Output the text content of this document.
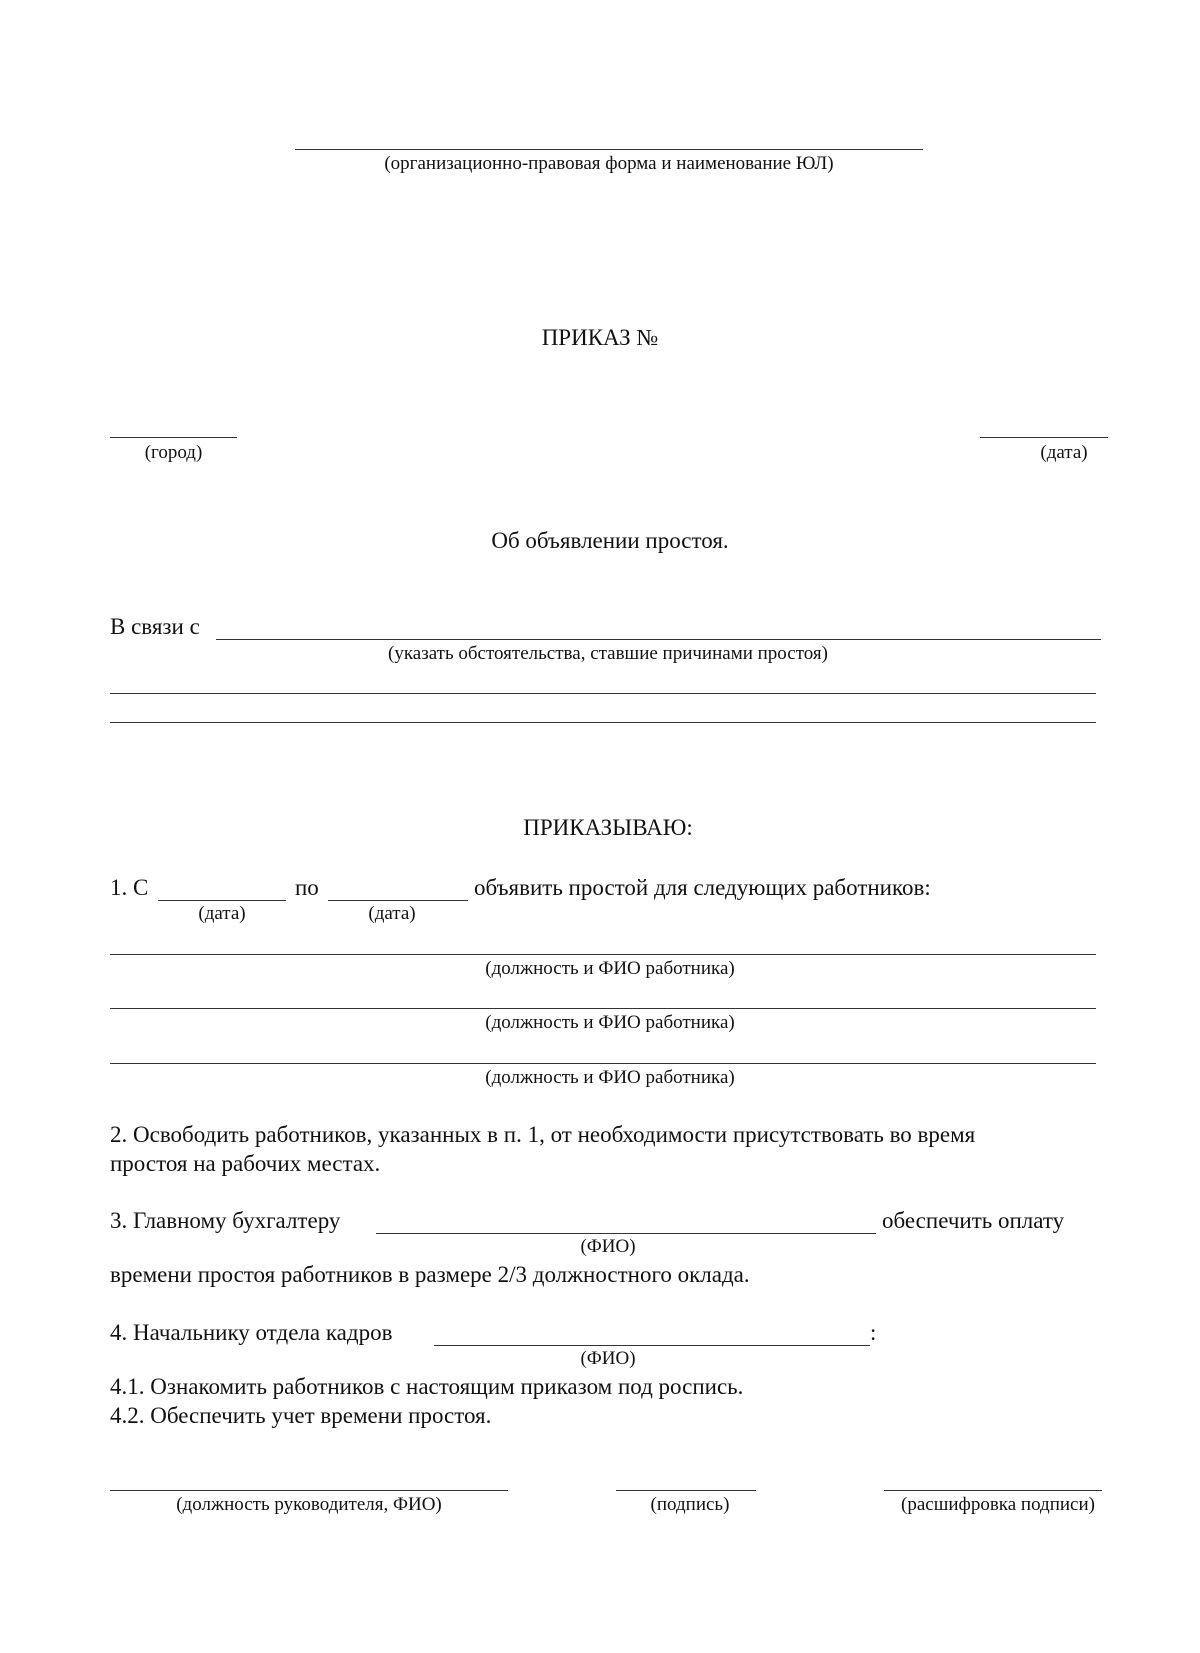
(организационно-правовая форма и наименование ЮЛ)
ПРИКАЗ №
(город)	(дата)
Об объявлении простоя.
В связи с
(указать обстоятельства, ставшие причинами простоя)
ПРИКАЗЫВАЮ:
1. С
(дата)
по
(дата)
объявить простой для следующих работников:
(должность и ФИО работника)
(должность и ФИО работника)
(должность и ФИО работника)
2. Освободить работников, указанных в п. 1, от необходимости присутствовать во время
простоя на рабочих местах.
3. Главному бухгалтеру
(ФИО)
обеспечить оплату
времени простоя работников в размере 2/3 должностного оклада.
4. Начальнику отдела кадров
(ФИО)
:
4.1. Ознакомить работников с настоящим приказом под роспись.
4.2. Обеспечить учет времени простоя.
(должность руководителя, ФИО)	(подпись)	(расшифровка подписи)
